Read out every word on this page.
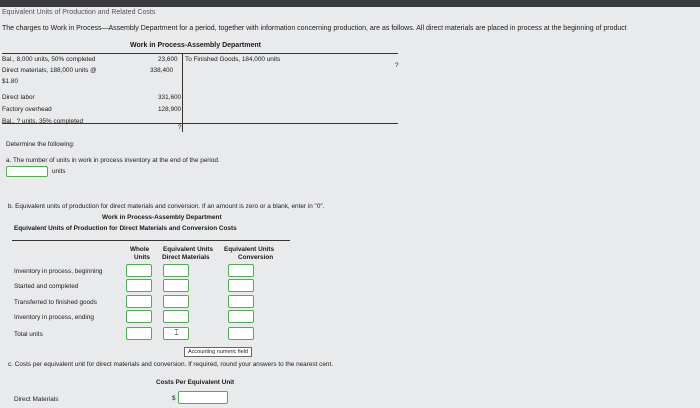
Equivalent Units of Production and Related Costs
The charges to Work in Process—Assembly Department for a period, together with information concerning production, are as follows. All direct materials are placed in process at the beginning of product
Work in Process-Assembly Department
Bal., 8,000 units, 50% completed
Direct materials, 188,000 units @
$1.80
Direct labor
Factory overhead
Bal., ? units, 35% completed
23,600
338,400
331,600
128,900
?
To Finished Goods, 184,000 units
?
Determine the following:
a. The number of units in work in process inventory at the end of the period.
units
b. Equivalent units of production for direct materials and conversion. If an amount is zero or a blank, enter in "0".
Work in Process-Assembly Department
Equivalent Units of Production for Direct Materials and Conversion Costs
Whole
Units
Equivalent Units
Direct Materials
Equivalent Units
Conversion
Inventory in process, beginning
Started and completed
Transferred to finished goods
Inventory in process, ending
Total units	⌶
Accounting numeric field
c. Costs per equivalent unit for direct materials and conversion. If required, round your answers to the nearest cent.
Costs Per Equivalent Unit
Direct Materials	$
